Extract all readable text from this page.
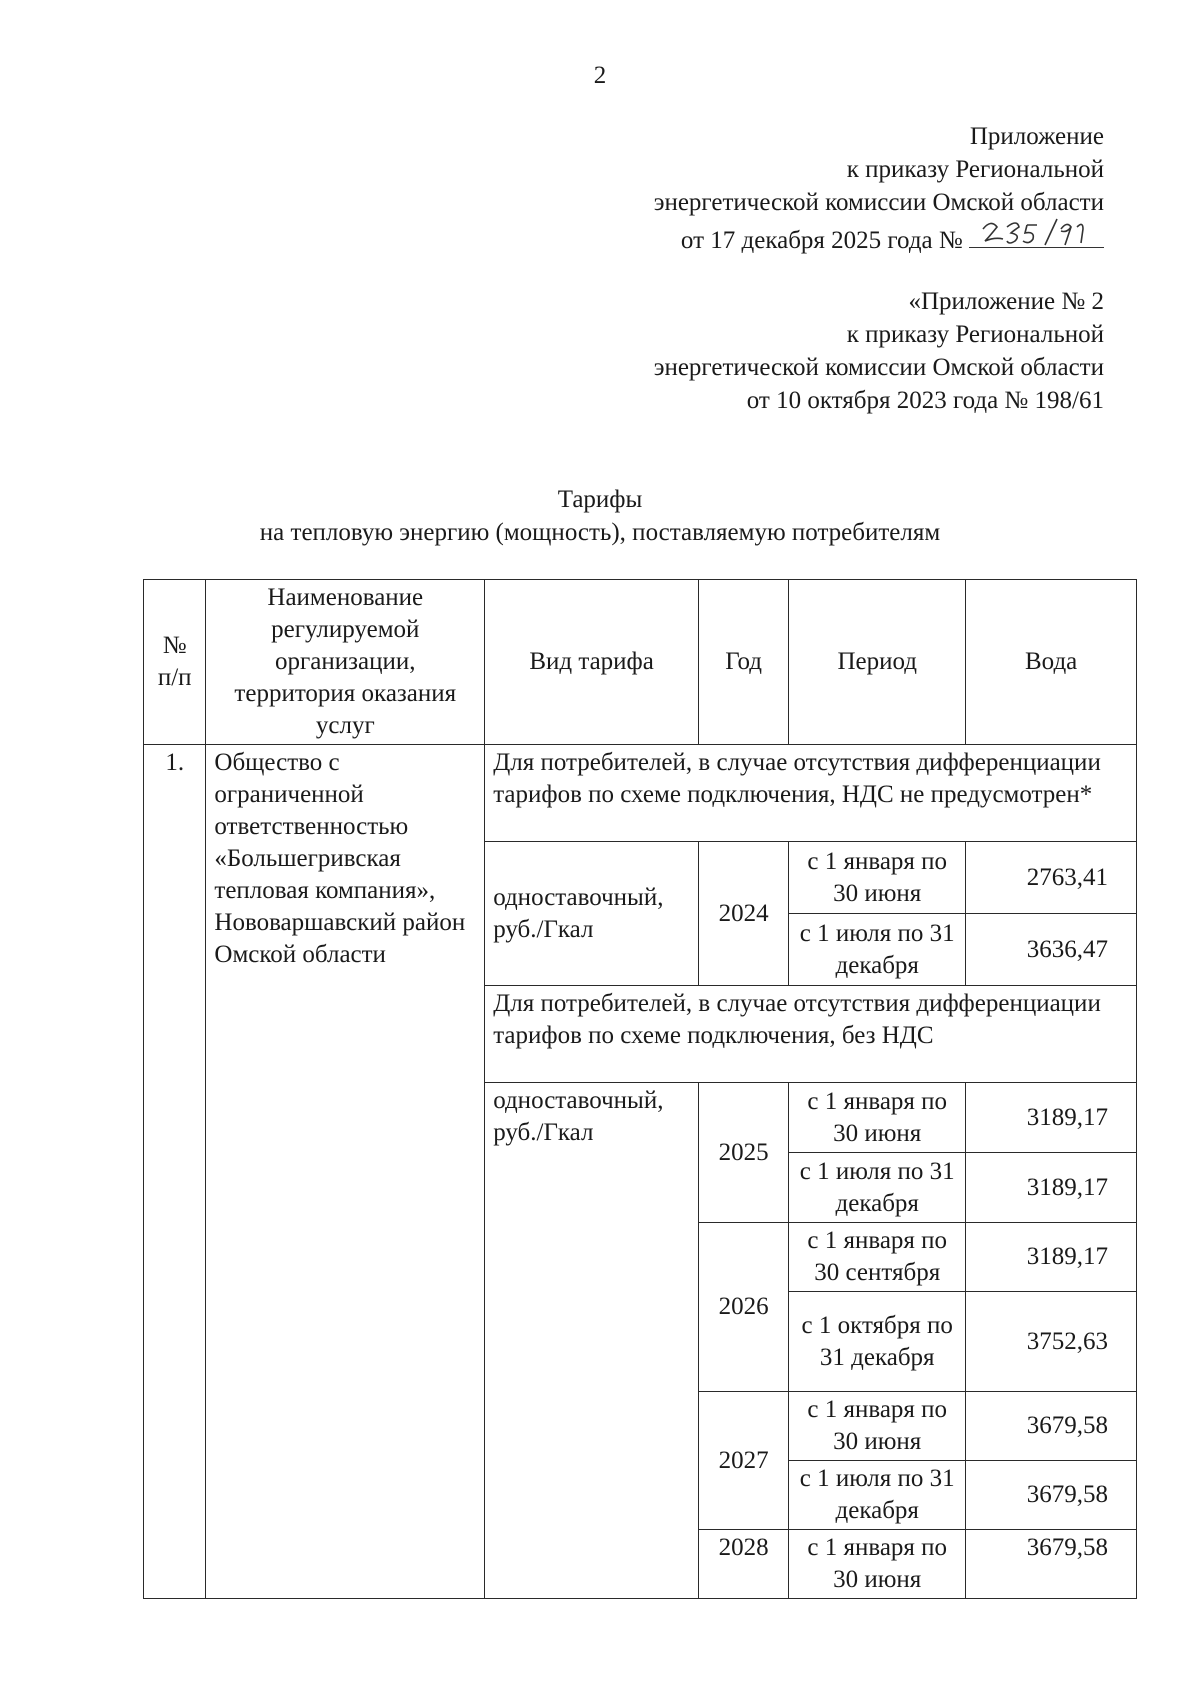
2
Приложение
к приказу Региональной
энергетической комиссии Омской области
от 17 декабря 2025 года №
«Приложение № 2
к приказу Региональной
энергетической комиссии Омской области
от 10 октября 2023 года № 198/61
Тарифы
на тепловую энергию (мощность), поставляемую потребителям
№ п/п	Наименование регулируемой организации, территория оказания услуг	Вид тарифа	Год	Период	Вода
1.	Общество с ограниченной ответственностью «Большегривская тепловая компания», Нововаршавский район Омской области	Для потребителей, в случае отсутствия дифференциации тарифов по схеме подключения, НДС не предусмотрен*			
		одноставочный, руб./Гкал	2024	с 1 января по 30 июня	2763,41
				с 1 июля по 31 декабря	3636,47
		Для потребителей, в случае отсутствия дифференциации тарифов по схеме подключения, без НДС			
		одноставочный, руб./Гкал	2025	с 1 января по 30 июня	3189,17
				с 1 июля по 31 декабря	3189,17
			2026	с 1 января по 30 сентября	3189,17
				с 1 октября по 31 декабря	3752,63
			2027	с 1 января по 30 июня	3679,58
				с 1 июля по 31 декабря	3679,58
			2028	с 1 января по 30 июня	3679,58
